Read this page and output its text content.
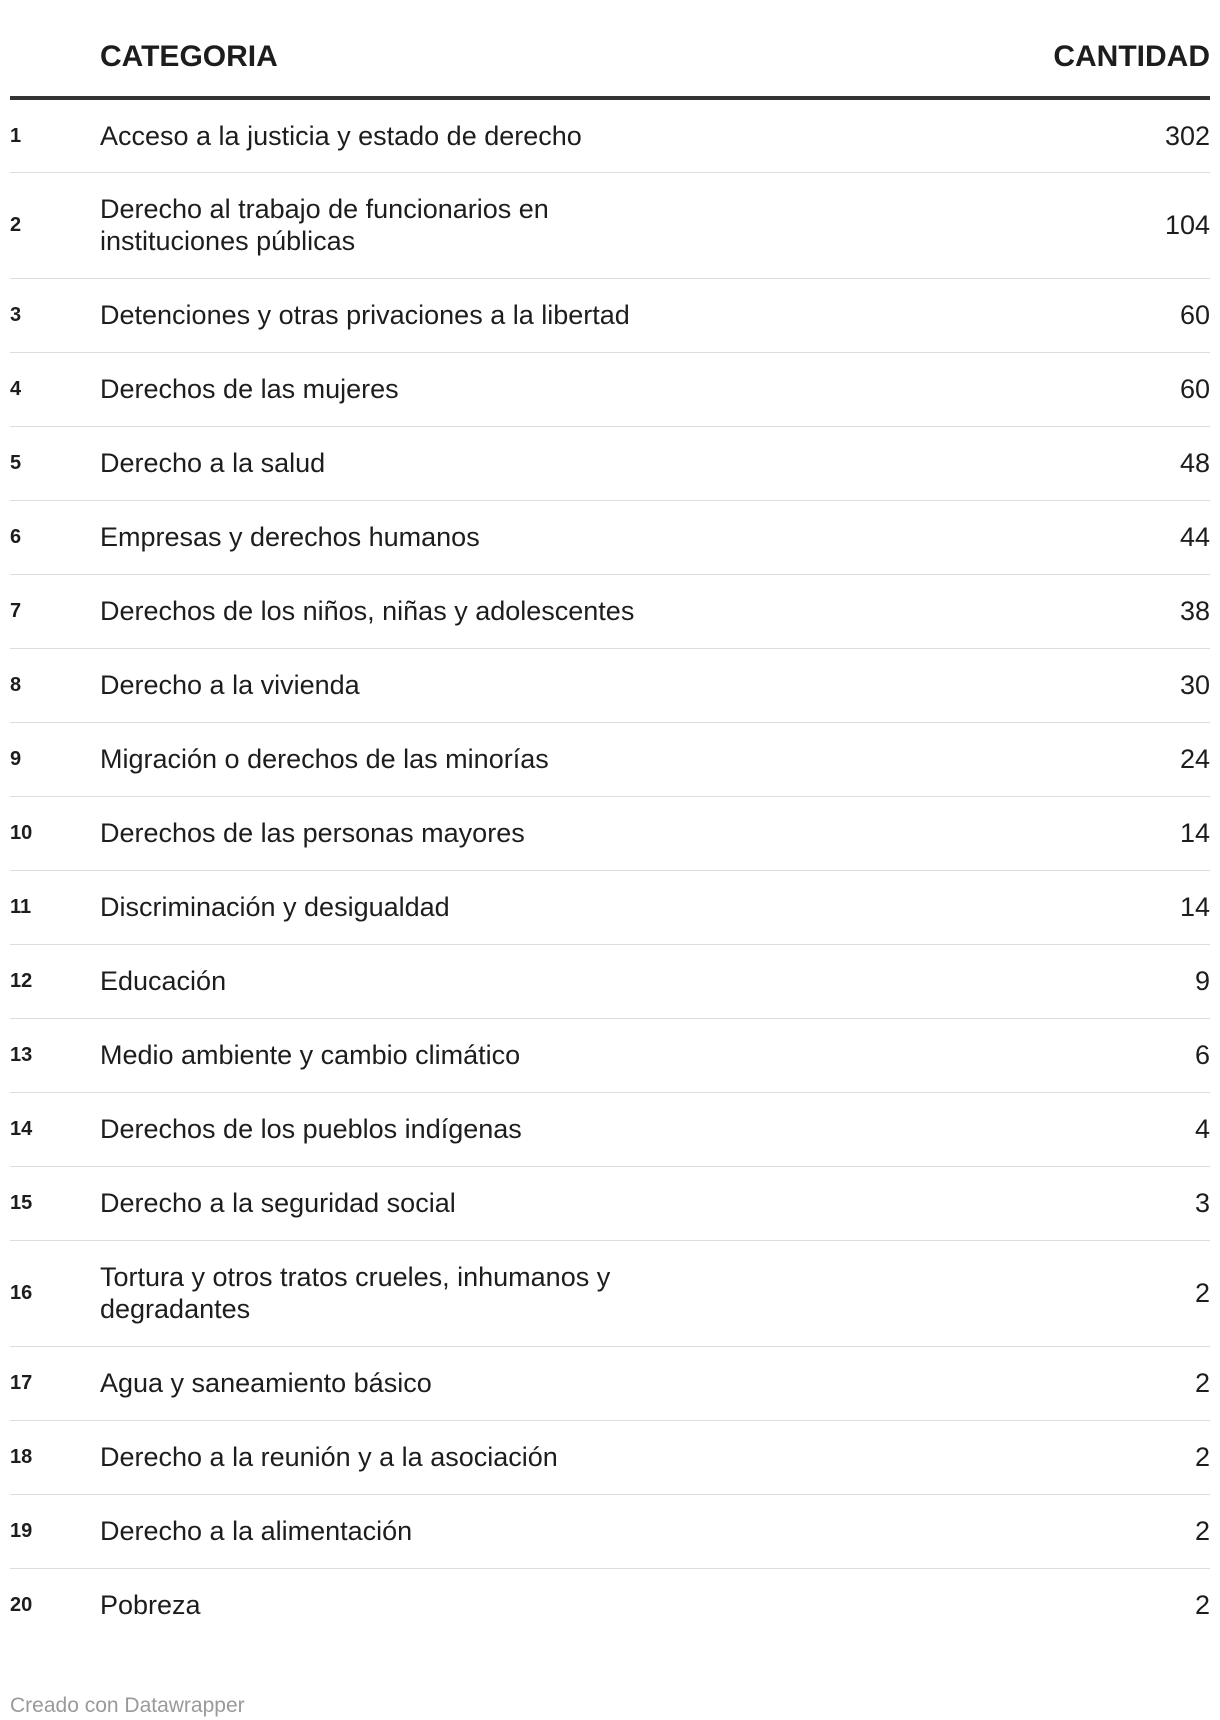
	CATEGORIA	CANTIDAD
1	Acceso a la justicia y estado de derecho	302
2	Derecho al trabajo de funcionarios en instituciones públicas	104
3	Detenciones y otras privaciones a la libertad	60
4	Derechos de las mujeres	60
5	Derecho a la salud	48
6	Empresas y derechos humanos	44
7	Derechos de los niños, niñas y adolescentes	38
8	Derecho a la vivienda	30
9	Migración o derechos de las minorías	24
10	Derechos de las personas mayores	14
11	Discriminación y desigualdad	14
12	Educación	9
13	Medio ambiente y cambio climático	6
14	Derechos de los pueblos indígenas	4
15	Derecho a la seguridad social	3
16	Tortura y otros tratos crueles, inhumanos y degradantes	2
17	Agua y saneamiento básico	2
18	Derecho a la reunión y a la asociación	2
19	Derecho a la alimentación	2
20	Pobreza	2
Creado con Datawrapper
